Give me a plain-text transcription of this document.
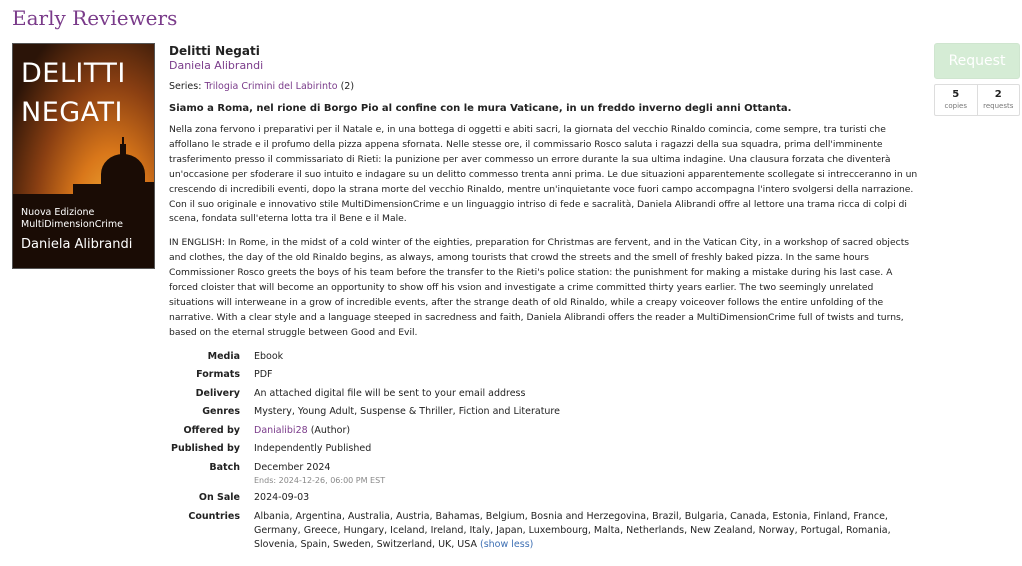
Early Reviewers
DELITTI
NEGATI
Nuova Edizione
MultiDimensionCrime
Daniela Alibrandi
Delitti Negati
Daniela Alibrandi
Series: Trilogia Crimini del Labirinto (2)
Siamo a Roma, nel rione di Borgo Pio al confine con le mura Vaticane, in un freddo inverno degli anni Ottanta.
Nella zona fervono i preparativi per il Natale e, in una bottega di oggetti e abiti sacri, la giornata del vecchio Rinaldo comincia, come sempre, tra turisti che affollano le strade e il profumo della pizza appena sfornata. Nelle stesse ore, il commissario Rosco saluta i ragazzi della sua squadra, prima dell'imminente trasferimento presso il commissariato di Rieti: la punizione per aver commesso un errore durante la sua ultima indagine. Una clausura forzata che diventerà un'occasione per sfoderare il suo intuito e indagare su un delitto commesso trenta anni prima. Le due situazioni apparentemente scollegate si intrecceranno in un crescendo di incredibili eventi, dopo la strana morte del vecchio Rinaldo, mentre un'inquietante voce fuori campo accompagna l'intero svolgersi della narrazione. Con il suo originale e innovativo stile MultiDimensionCrime e un linguaggio intriso di fede e sacralità, Daniela Alibrandi offre al lettore una trama ricca di colpi di scena, fondata sull'eterna lotta tra il Bene e il Male.
IN ENGLISH: In Rome, in the midst of a cold winter of the eighties, preparation for Christmas are fervent, and in the Vatican City, in a workshop of sacred objects and clothes, the day of the old Rinaldo begins, as always, among tourists that crowd the streets and the smell of freshly baked pizza. In the same hours Commissioner Rosco greets the boys of his team before the transfer to the Rieti's police station: the punishment for making a mistake during his last case. A forced cloister that will become an opportunity to show off his vsion and investigate a crime committed thirty years earlier. The two seemingly unrelated situations will interweane in a grow of incredible events, after the strange death of old Rinaldo, while a creapy voiceover follows the entire unfolding of the narrative. With a clear style and a language steeped in sacredness and faith, Daniela Alibrandi offers the reader a MultiDimensionCrime full of twists and turns, based on the eternal struggle between Good and Evil.
Media	Ebook
Formats	PDF
Delivery	An attached digital file will be sent to your email address
Genres	Mystery, Young Adult, Suspense & Thriller, Fiction and Literature
Offered by	Danialibi28 (Author)
Published by	Independently Published
Batch	December 2024
Ends: 2024-12-26, 06:00 PM EST

On Sale	2024-09-03
Countries	Albania, Argentina, Australia, Austria, Bahamas, Belgium, Bosnia and Herzegovina, Brazil, Bulgaria, Canada, Estonia, Finland, France, Germany, Greece, Hungary, Iceland, Ireland, Italy, Japan, Luxembourg, Malta, Netherlands, New Zealand, Norway, Portugal, Romania, Slovenia, Spain, Sweden, Switzerland, UK, USA (show less)
Request
5
copies
2
requests
